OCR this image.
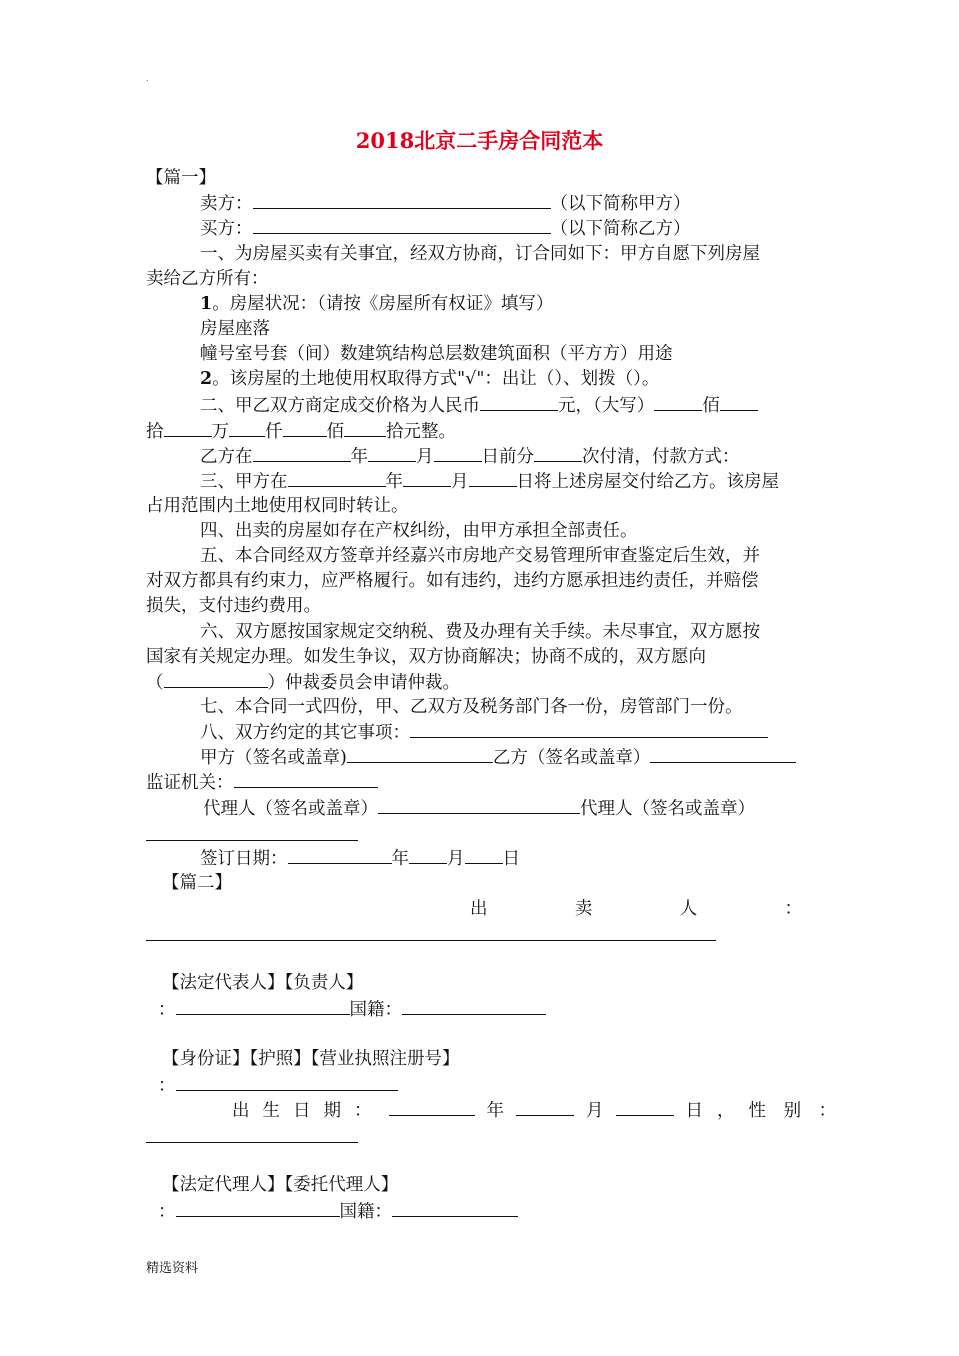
.
2018北京二手房合同范本
【篇一】
卖方：	（以下简称甲方）
买方：	（以下简称乙方）
一、为房屋买卖有关事宜，经双方协商，订合同如下：甲方自愿下列房屋
卖给乙方所有：
1。房屋状况：（请按《房屋所有权证》填写）
房屋座落
幢号室号套（间）数建筑结构总层数建筑面积（平方方）用途
2。该房屋的土地使用权取得方式"√"：出让（）、划拨（）。
二、甲乙双方商定成交价格为人民币	元，（大写）	佰
拾	万 仟	佰 拾元整。
乙方在	年	月	日前分	次付清，付款方式：
三、甲方在	年	月	日将上述房屋交付给乙方。该房屋
占用范围内土地使用权同时转让。
四、出卖的房屋如存在产权纠纷，由甲方承担全部责任。
五、本合同经双方签章并经嘉兴市房地产交易管理所审查鉴定后生效，并
对双方都具有约束力，应严格履行。如有违约，违约方愿承担违约责任，并赔偿
损失，支付违约费用。
六、双方愿按国家规定交纳税、费及办理有关手续。未尽事宜，双方愿按
国家有关规定办理。如发生争议，双方协商解决；协商不成的，双方愿向
（	）仲裁委员会申请仲裁。
七、本合同一式四份，甲、乙双方及税务部门各一份，房管部门一份。
八、双方约定的其它事项：
甲方（签名或盖章)	乙方（签名或盖章）
监证机关：
代理人（签名或盖章）	代理人（签名或盖章）
签订日期：	年 月 日
【篇二】
出	卖	人	：
【法定代表人】【负责人】
：	国籍：
【身份证】【护照】【营业执照注册号】
：
出生日期：	年	月	日，性 别 ：
【法定代理人】【委托代理人】
：	国籍：
精选资料
